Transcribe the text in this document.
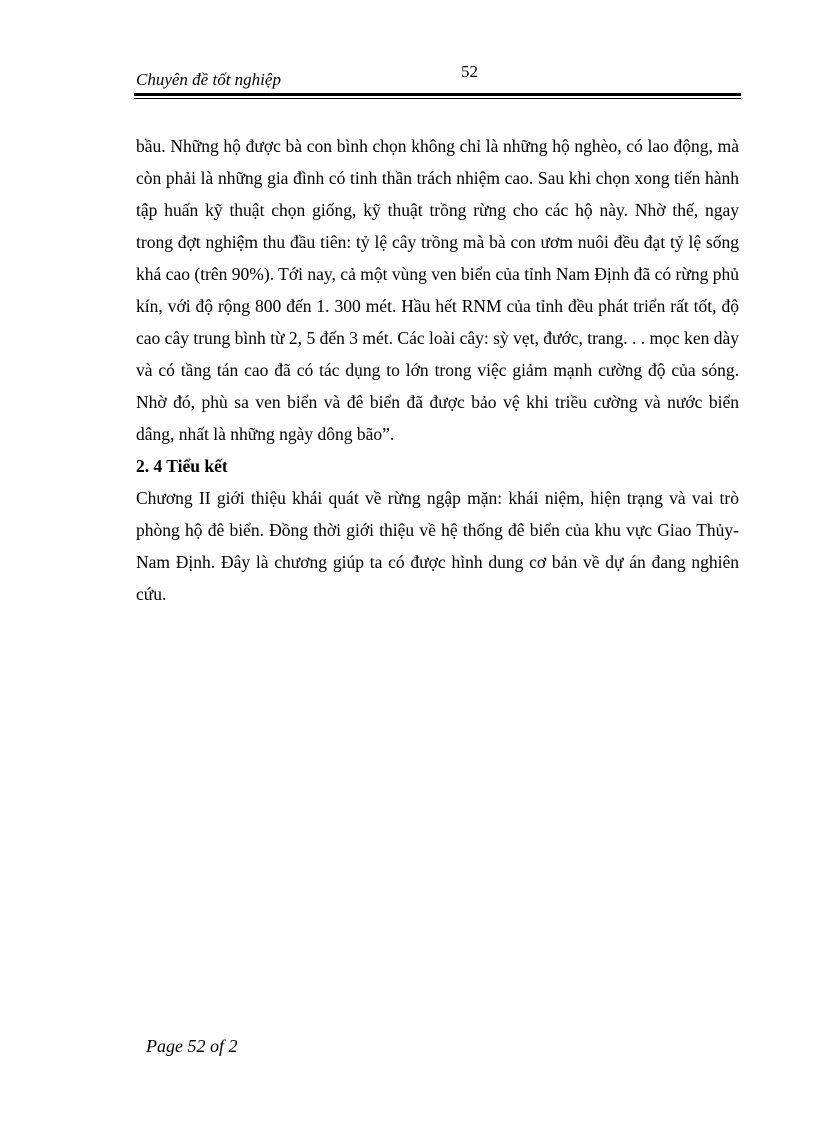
52
Chuyên đề tốt nghiệp

bầu. Những hộ được bà con bình chọn không chỉ là những hộ nghèo, có lao động, mà còn phải là những gia đình có tinh thần trách nhiệm cao. Sau khi chọn xong tiến hành tập huấn kỹ thuật chọn giống, kỹ thuật trồng rừng cho các hộ này. Nhờ thế, ngay trong đợt nghiệm thu đầu tiên: tỷ lệ cây trồng mà bà con ươm nuôi đều đạt tỷ lệ sống khá cao (trên 90%). Tới nay, cả một vùng ven biển của tỉnh Nam Định đã có rừng phủ kín, với độ rộng 800 đến 1. 300 mét. Hầu hết RNM của tỉnh đều phát triển rất tốt, độ cao cây trung bình từ 2, 5 đến 3 mét. Các loài cây: sỳ vẹt, đước, trang. . . mọc ken dày và có tầng tán cao đã có tác dụng to lớn trong việc giảm mạnh cường độ của sóng. Nhờ đó, phù sa ven biển và đê biển đã được bảo vệ khi triều cường và nước biển dâng, nhất là những ngày dông bão”.

2. 4 Tiểu kết

Chương II giới thiệu khái quát về rừng ngập mặn: khái niệm, hiện trạng và vai trò phòng hộ đê biển. Đồng thời giới thiệu về hệ thống đê biển của khu vực Giao Thủy- Nam Định. Đây là chương giúp ta có được hình dung cơ bản về dự án đang nghiên cứu.

Page 52 of 2
